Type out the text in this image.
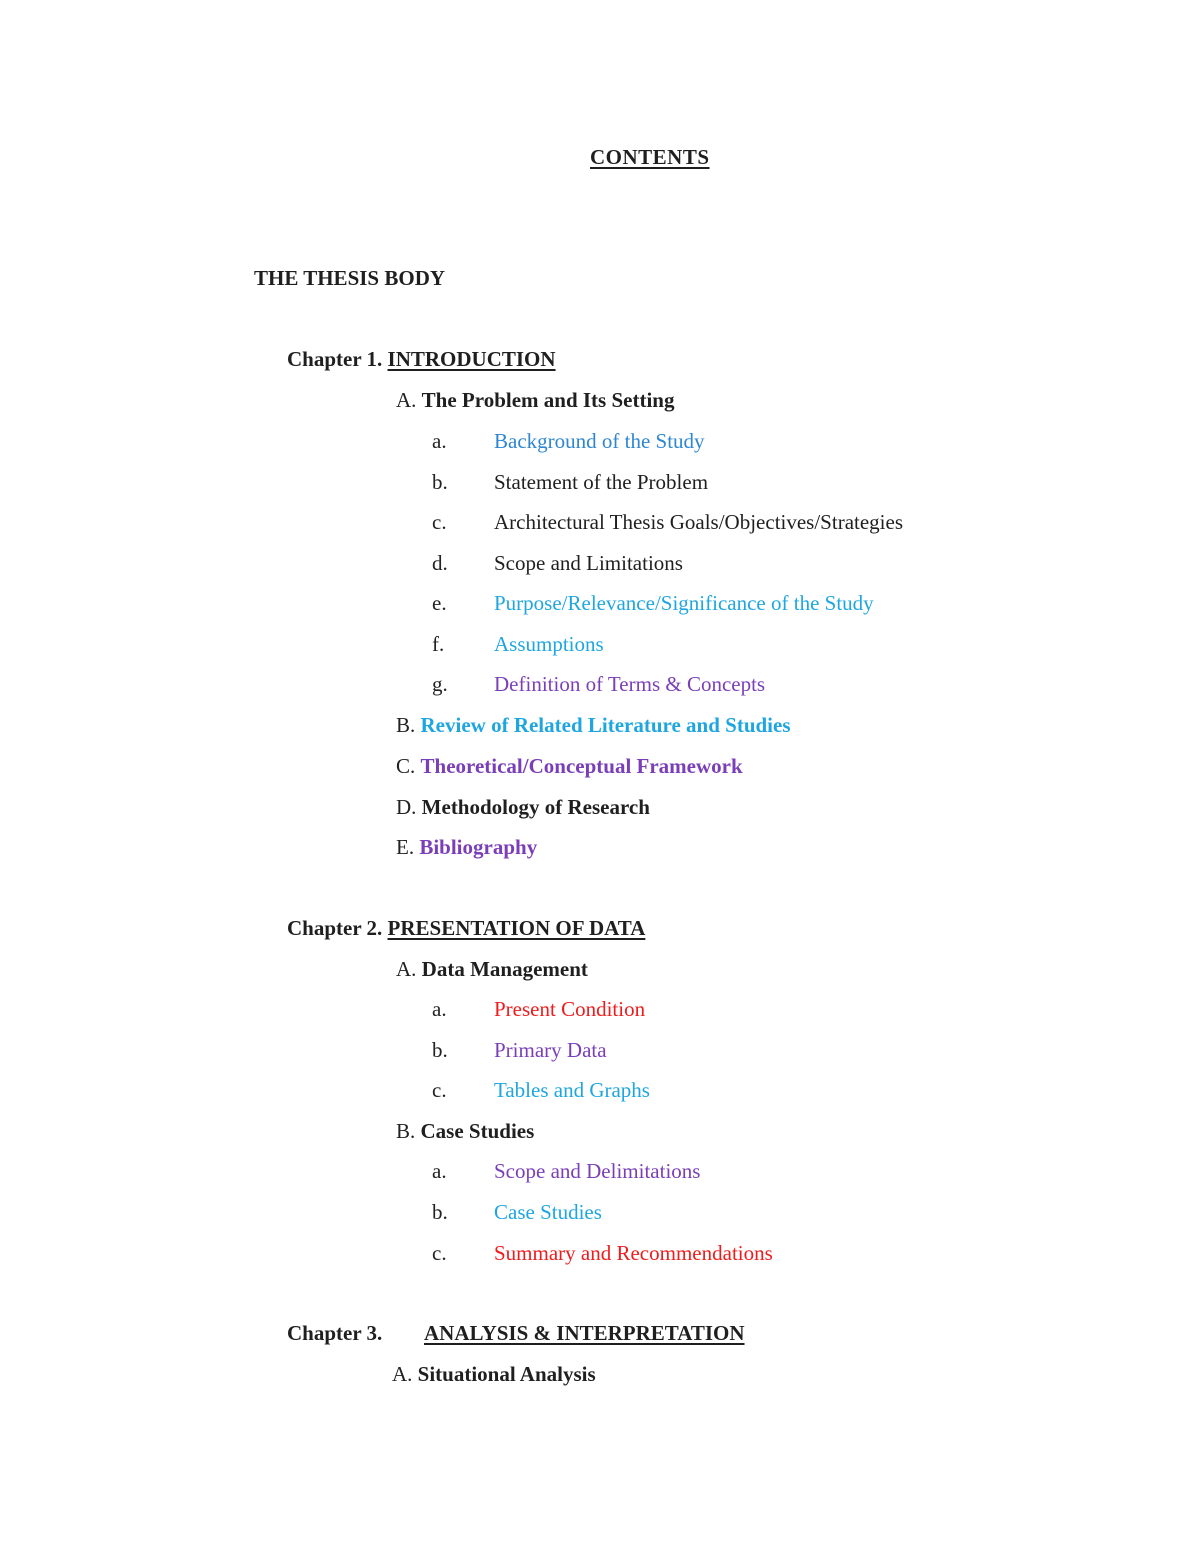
CONTENTS
THE THESIS BODY
Chapter 1. INTRODUCTION
A. The Problem and Its Setting
a. Background of the Study
b. Statement of the Problem
c. Architectural Thesis Goals/Objectives/Strategies
d. Scope and Limitations
e. Purpose/Relevance/Significance of the Study
f. Assumptions
g. Definition of Terms & Concepts
B. Review of Related Literature and Studies
C. Theoretical/Conceptual Framework
D. Methodology of Research
E. Bibliography
Chapter 2. PRESENTATION OF DATA
A. Data Management
a. Present Condition
b. Primary Data
c. Tables and Graphs
B. Case Studies
a. Scope and Delimitations
b. Case Studies
c. Summary and Recommendations
Chapter 3. ANALYSIS & INTERPRETATION
A. Situational Analysis
